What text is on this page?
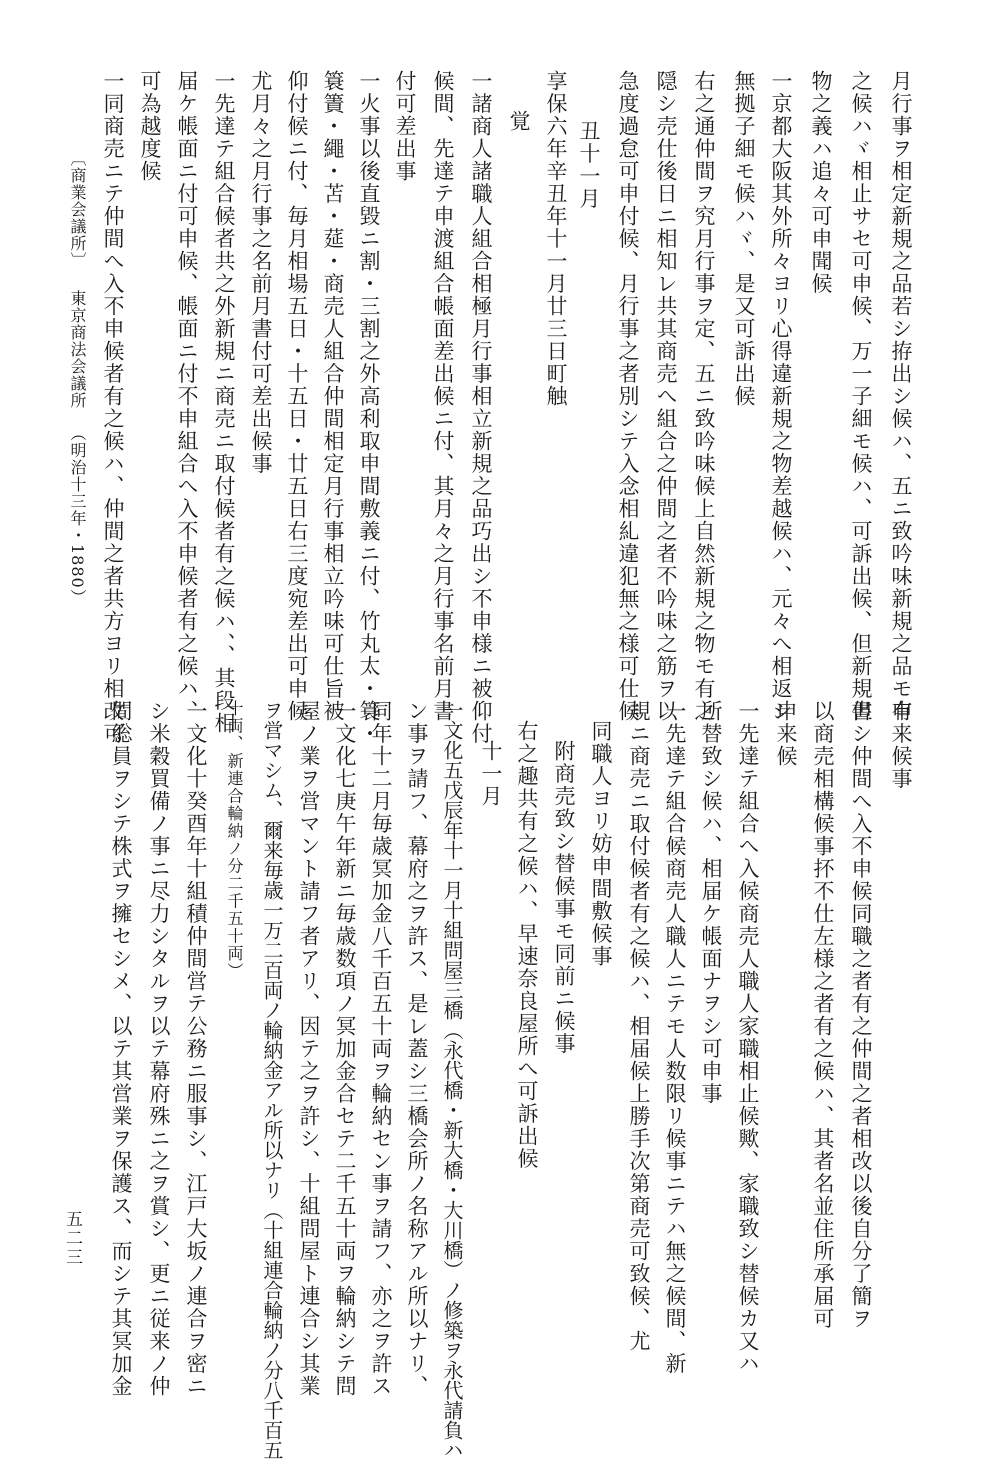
月行事ヲ相定新規之品若シ拵出シ候ハ、五ニ致吟味新規之品モ有
之候ハヾ相止サセ可申候、万一子細モ候ハ、可訴出候、但新規書
物之義ハ追々可申聞候
一京都大阪其外所々ヨリ心得違新規之物差越候ハ、元々へ相返シ
無拠子細モ候ハヾ、是又可訴出候
右之通仲間ヲ究月行事ヲ定、五ニ致吟味候上自然新規之物モ有之
隠シ売仕後日ニ相知レ共其商売へ組合之仲間之者不吟味之筋ヲ以
急度過怠可申付候、月行事之者別シテ入念相糺違犯無之様可仕候
丑十一月
享保六年辛丑年十一月廿三日町触
覚
一諸商人諸職人組合相極月行事相立新規之品巧出シ不申様ニ被仰付
候間、先達テ申渡組合帳面差出候ニ付、其月々之月行事名前月書
付可差出事
一火事以後直毀ニ割・三割之外高利取申間敷義ニ付、竹丸太・簑・
簑簀・繩・苫・莚・商売人組合仲間相定月行事相立吟味可仕旨被
仰付候ニ付、毎月相場五日・十五日・廿五日右三度宛差出可申候
尤月々之月行事之名前月書付可差出候事
一先達テ組合候者共之外新規ニ商売ニ取付候者有之候ハ、、其段相
届ケ帳面ニ付可申候、帳面ニ付不申組合へ入不申候者有之候ハ、
可為越度候
一同商売ニテ仲間へ入不申候者有之候ハ、仲間之者共方ヨリ相改可
〔商業会議所〕
東京商法会議所
（明治十三年・1880）
申来候事
但シ仲間へ入不申候同職之者有之仲間之者相改以後自分了簡ヲ
以商売相構候事抔不仕左様之者有之候ハ、其者名並住所承届可
申来候
一先達テ組合へ入候商売人職人家職相止候歟、家職致シ替候カ又ハ
所替致シ候ハ、相届ケ帳面ナヲシ可申事
一先達テ組合候商売人職人ニテモ人数限リ候事ニテハ無之候間、新
規ニ商売ニ取付候者有之候ハ、相届候上勝手次第商売可致候、尤
同職人ヨリ妨申間敷候事
附商売致シ替候事モ同前ニ候事
右之趣共有之候ハ、早速奈良屋所へ可訴出候
十一月
一文化五戊辰年十一月十組問屋三橋（永代橋・新大橋・大川橋）ノ修築ヲ永代請負ハ
ン事ヲ請フ、幕府之ヲ許ス、是レ蓋シ三橋会所ノ名称アル所以ナリ、
同年十二月毎歳冥加金八千百五十両ヲ輪納セン事ヲ請フ、亦之ヲ許ス
一文化七庚午年新ニ毎歳数項ノ冥加金合セテ二千五十両ヲ輪納シテ問
屋ノ業ヲ営マント請フ者アリ、因テ之ヲ許シ、十組問屋ト連合シ其業
ヲ営マシム、爾来毎歳一万二百両ノ輪納金アル所以ナリ（十組連合輪納ノ分八千百五
十両、新連合輪納ノ分二千五十両）
一文化十癸酉年十組積仲間営テ公務ニ服事シ、江戸大坂ノ連合ヲ密ニ
シ米穀買備ノ事ニ尽力シタルヲ以テ幕府殊ニ之ヲ賞シ、更ニ従来ノ仲
間総員ヲシテ株式ヲ擁セシメ、以テ其営業ヲ保護ス、而シテ其冥加金
五二三
